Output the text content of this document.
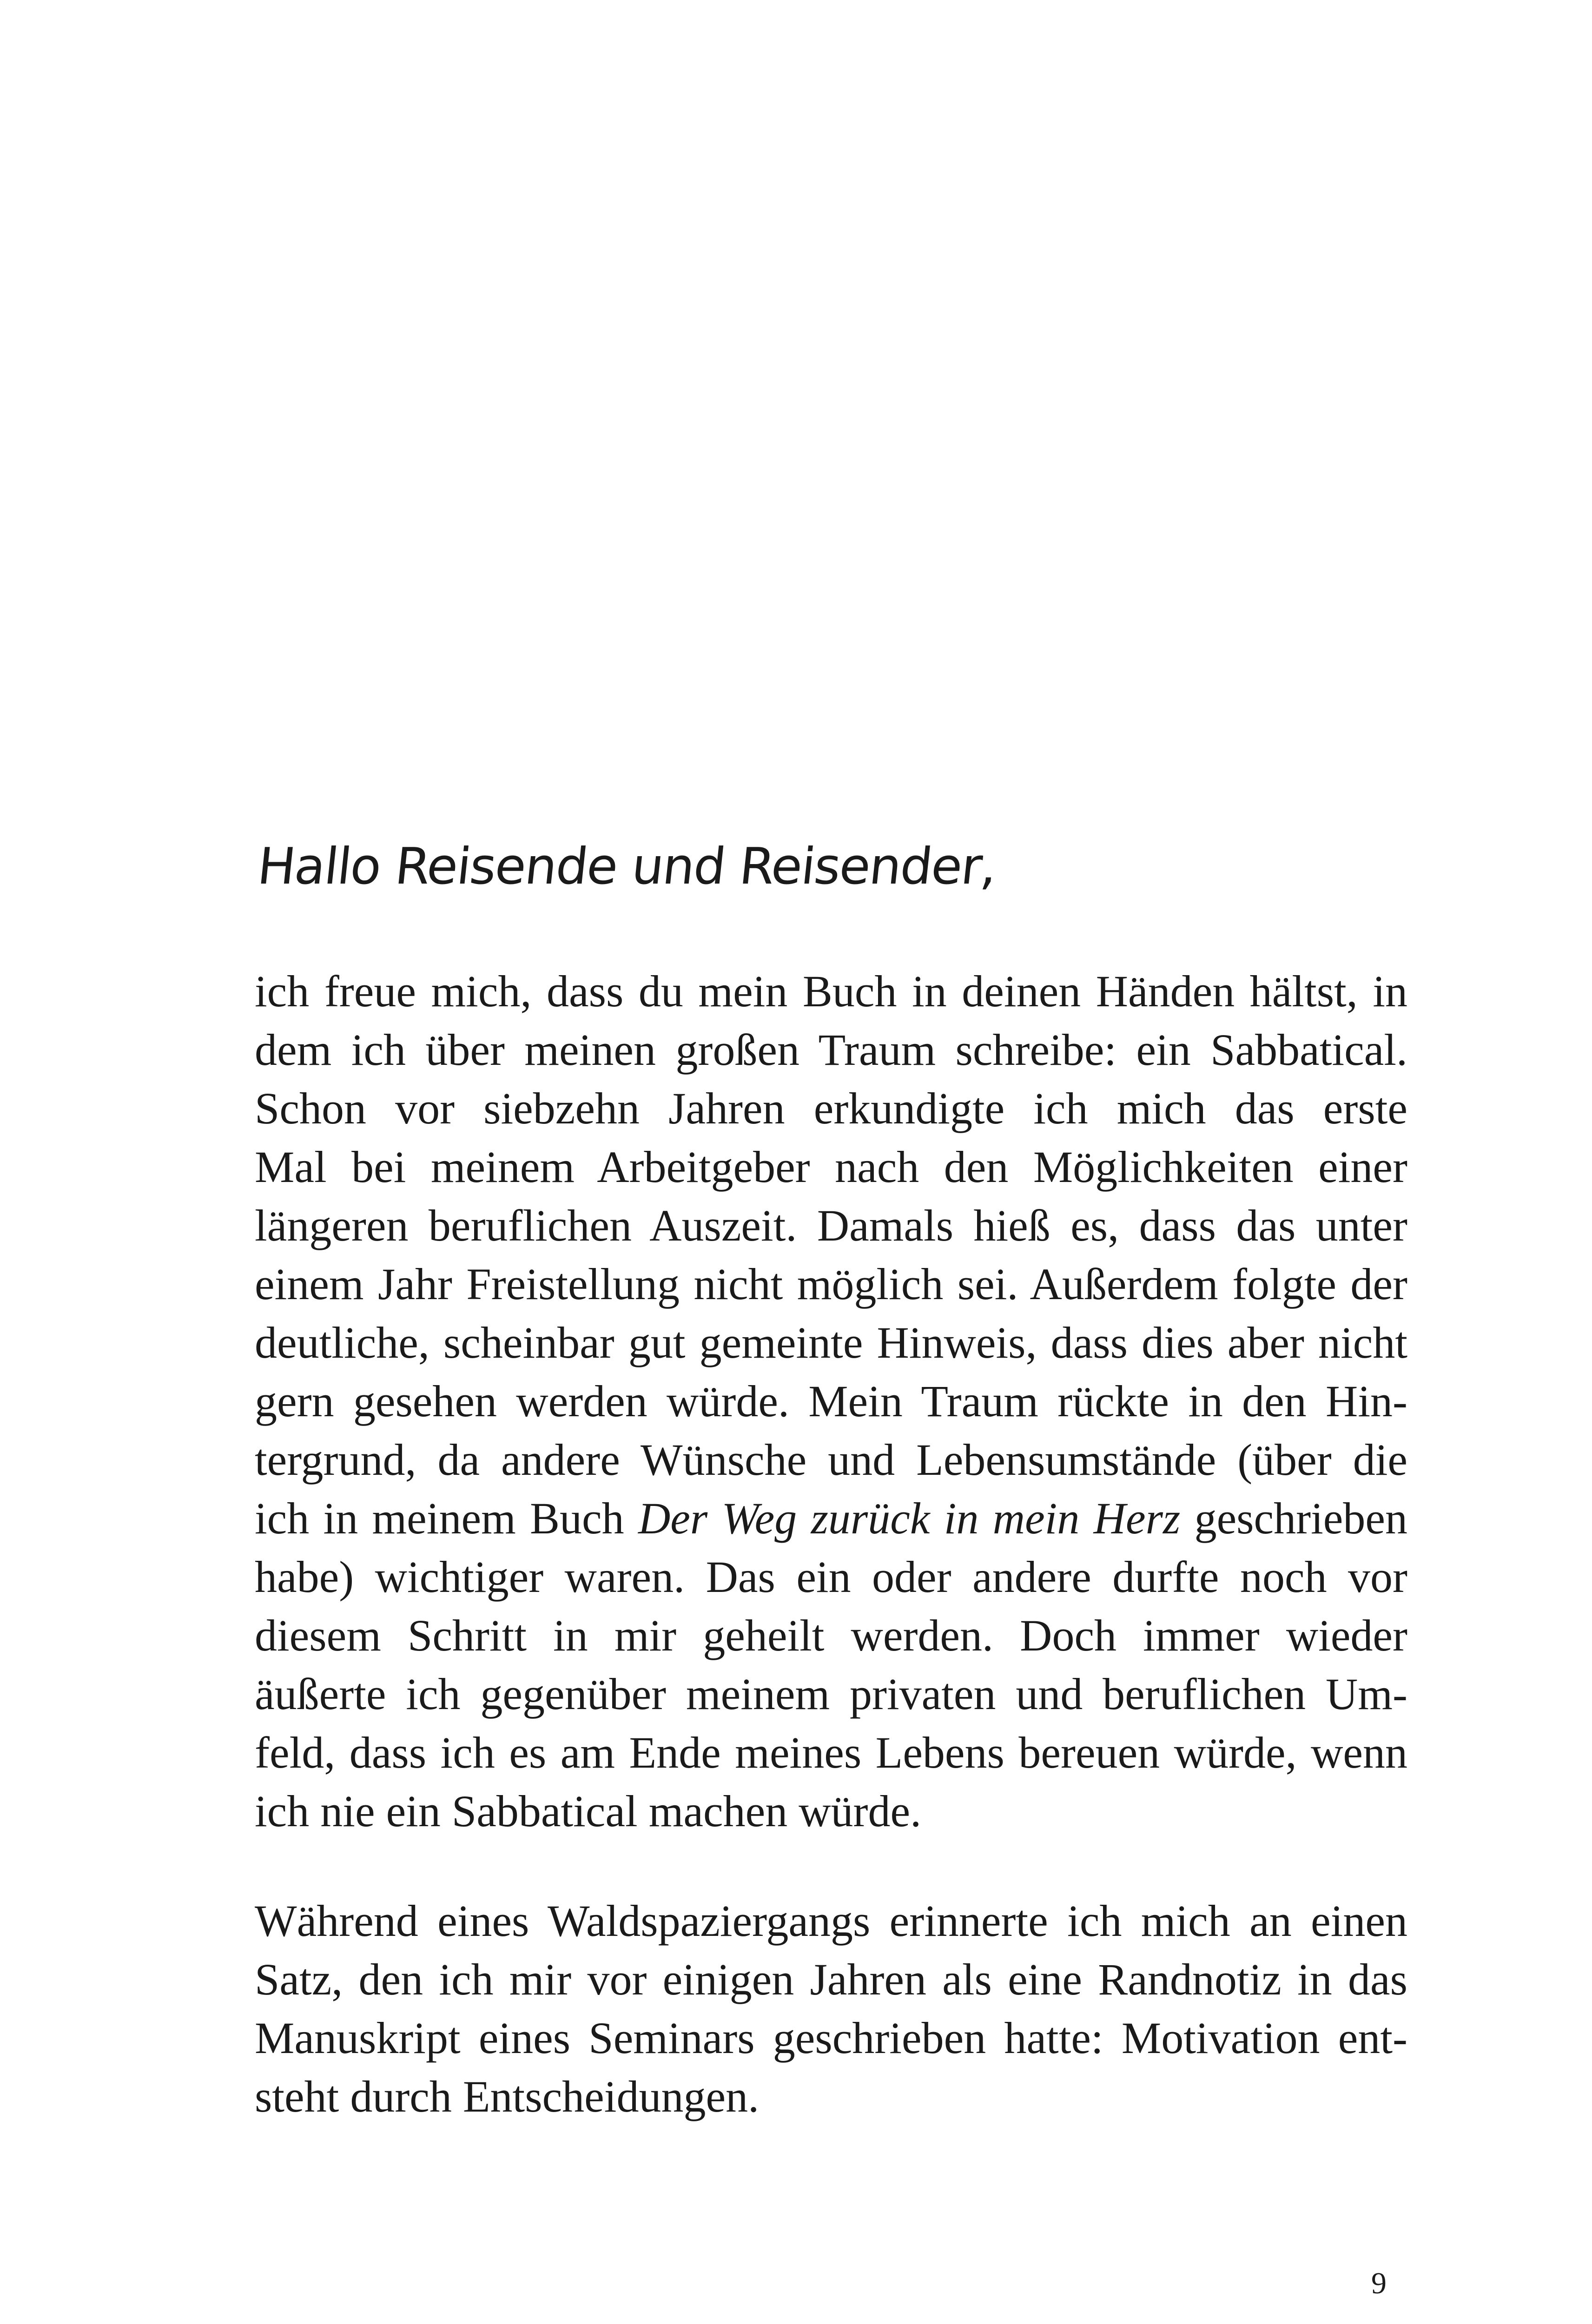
Hallo Reisende und Reisender,
ich freue mich, dass du mein Buch in deinen Händen hältst, in
dem ich über meinen großen Traum schreibe: ein Sabbatical.
Schon vor siebzehn Jahren erkundigte ich mich das erste
Mal bei meinem Arbeitgeber nach den Möglichkeiten einer
längeren beruflichen Auszeit. Damals hieß es, dass das unter
einem Jahr Freistellung nicht möglich sei. Außerdem folgte der
deutliche, scheinbar gut gemeinte Hinweis, dass dies aber nicht
gern gesehen werden würde. Mein Traum rückte in den Hin-
tergrund, da andere Wünsche und Lebensumstände (über die
ich in meinem Buch Der Weg zurück in mein Herz geschrieben
habe) wichtiger waren. Das ein oder andere durfte noch vor
diesem Schritt in mir geheilt werden. Doch immer wieder
äußerte ich gegenüber meinem privaten und beruflichen Um-
feld, dass ich es am Ende meines Lebens bereuen würde, wenn
ich nie ein Sabbatical machen würde.
Während eines Waldspaziergangs erinnerte ich mich an einen
Satz, den ich mir vor einigen Jahren als eine Randnotiz in das
Manuskript eines Seminars geschrieben hatte: Motivation ent-
steht durch Entscheidungen.
9
